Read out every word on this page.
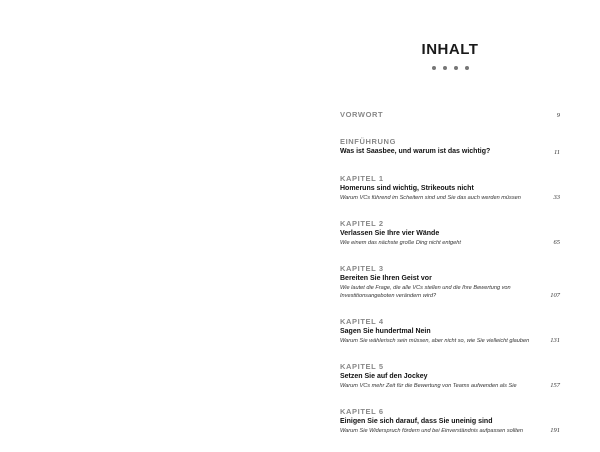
INHALT
VORWORT	9
EINFÜHRUNG
Was ist Saasbee, und warum ist das wichtig?	11
KAPITEL 1
Homeruns sind wichtig, Strikeouts nicht
Warum VCs führend im Scheitern sind und Sie das auch werden müssen	33
KAPITEL 2
Verlassen Sie Ihre vier Wände
Wie einem das nächste große Ding nicht entgeht	65
KAPITEL 3
Bereiten Sie Ihren Geist vor
Wie lautet die Frage, die alle VCs stellen und die Ihre Bewertung von Investitionsangeboten verändern wird?	107
KAPITEL 4
Sagen Sie hundertmal Nein
Warum Sie wählerisch sein müssen, aber nicht so, wie Sie vielleicht glauben	131
KAPITEL 5
Setzen Sie auf den Jockey
Warum VCs mehr Zeit für die Bewertung von Teams aufwenden als Sie	157
KAPITEL 6
Einigen Sie sich darauf, dass Sie uneinig sind
Warum Sie Widerspruch fördern und bei Einverständnis aufpassen sollten	191
